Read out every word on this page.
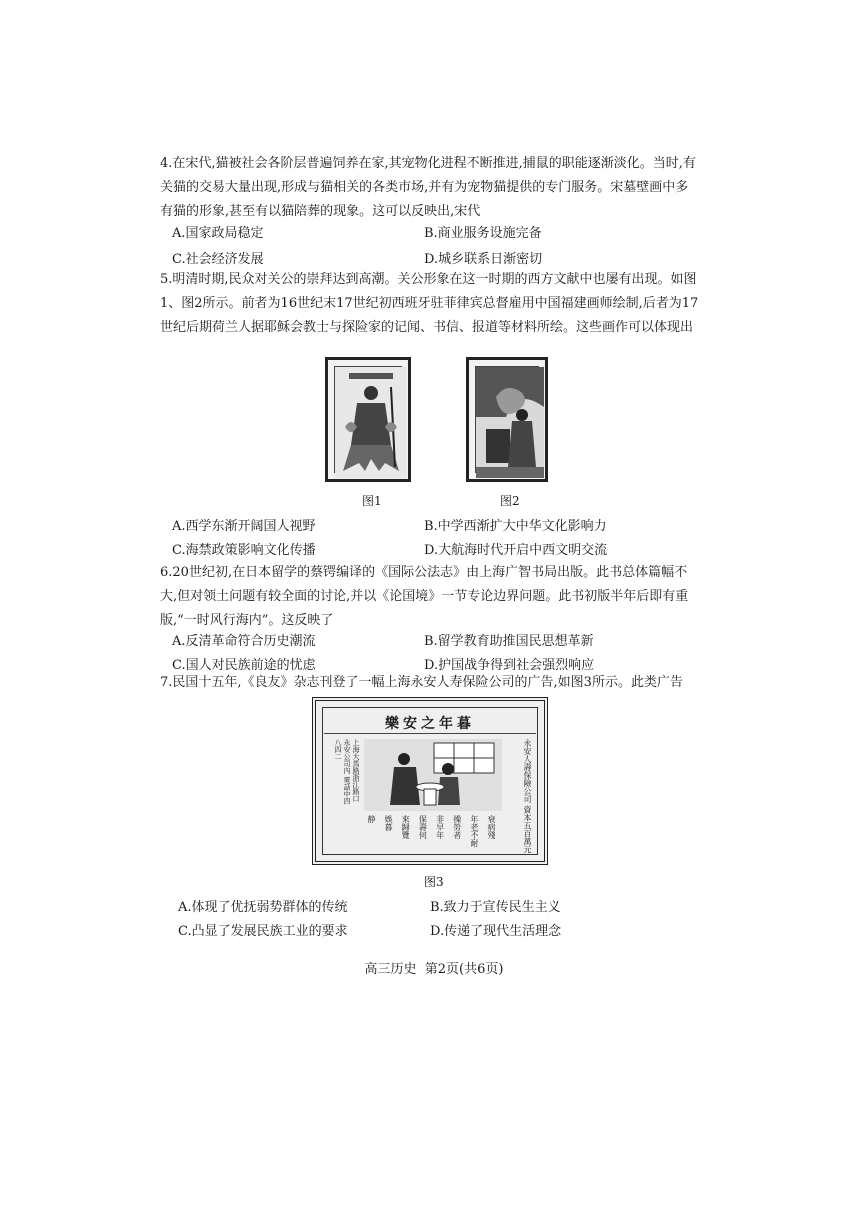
4.在宋代,猫被社会各阶层普遍饲养在家,其宠物化进程不断推进,捕鼠的职能逐渐淡化。当时,有关猫的交易大量出现,形成与猫相关的各类市场,并有为宠物猫提供的专门服务。宋墓壁画中多有猫的形象,甚至有以猫陪葬的现象。这可以反映出,宋代

A.国家政局稳定	B.商业服务设施完备
C.社会经济发展	D.城乡联系日渐密切

5.明清时期,民众对关公的崇拜达到高潮。关公形象在这一时期的西方文献中也屡有出现。如图1、图2所示。前者为16世纪末17世纪初西班牙驻菲律宾总督雇用中国福建画师绘制,后者为17世纪后期荷兰人据耶稣会教士与探险家的记闻、书信、报道等材料所绘。这些画作可以体现出

图1	图2
A.西学东渐开阔国人视野	B.中学西渐扩大中华文化影响力
C.海禁政策影响文化传播	D.大航海时代开启中西文明交流

6.20世纪初,在日本留学的蔡锷编译的《国际公法志》由上海广智书局出版。此书总体篇幅不大,但对领土问题有较全面的讨论,并以《论国境》一节专论边界问题。此书初版半年后即有重版,“一时风行海内”。这反映了

A.反清革命符合历史潮流	B.留学教育助推国民思想革新
C.国人对民族前途的忧虑	D.护国战争得到社会强烈响应

7.民国十五年,《良友》杂志刊登了一幅上海永安人寿保险公司的广告,如图3所示。此类广告

樂安之年暮
永安人壽保險公司 資本五百萬元
上海大馬路浙江路口 永安公司內 電話中四八四二
衰病殘
年老不耐
操勞者
非早年
保壽何
來歸覽
娛暮
静
图3
A.体现了优抚弱势群体的传统	B.致力于宣传民生主义
C.凸显了发展民族工业的要求	D.传递了现代生活理念
高三历史  第2页(共6页)
